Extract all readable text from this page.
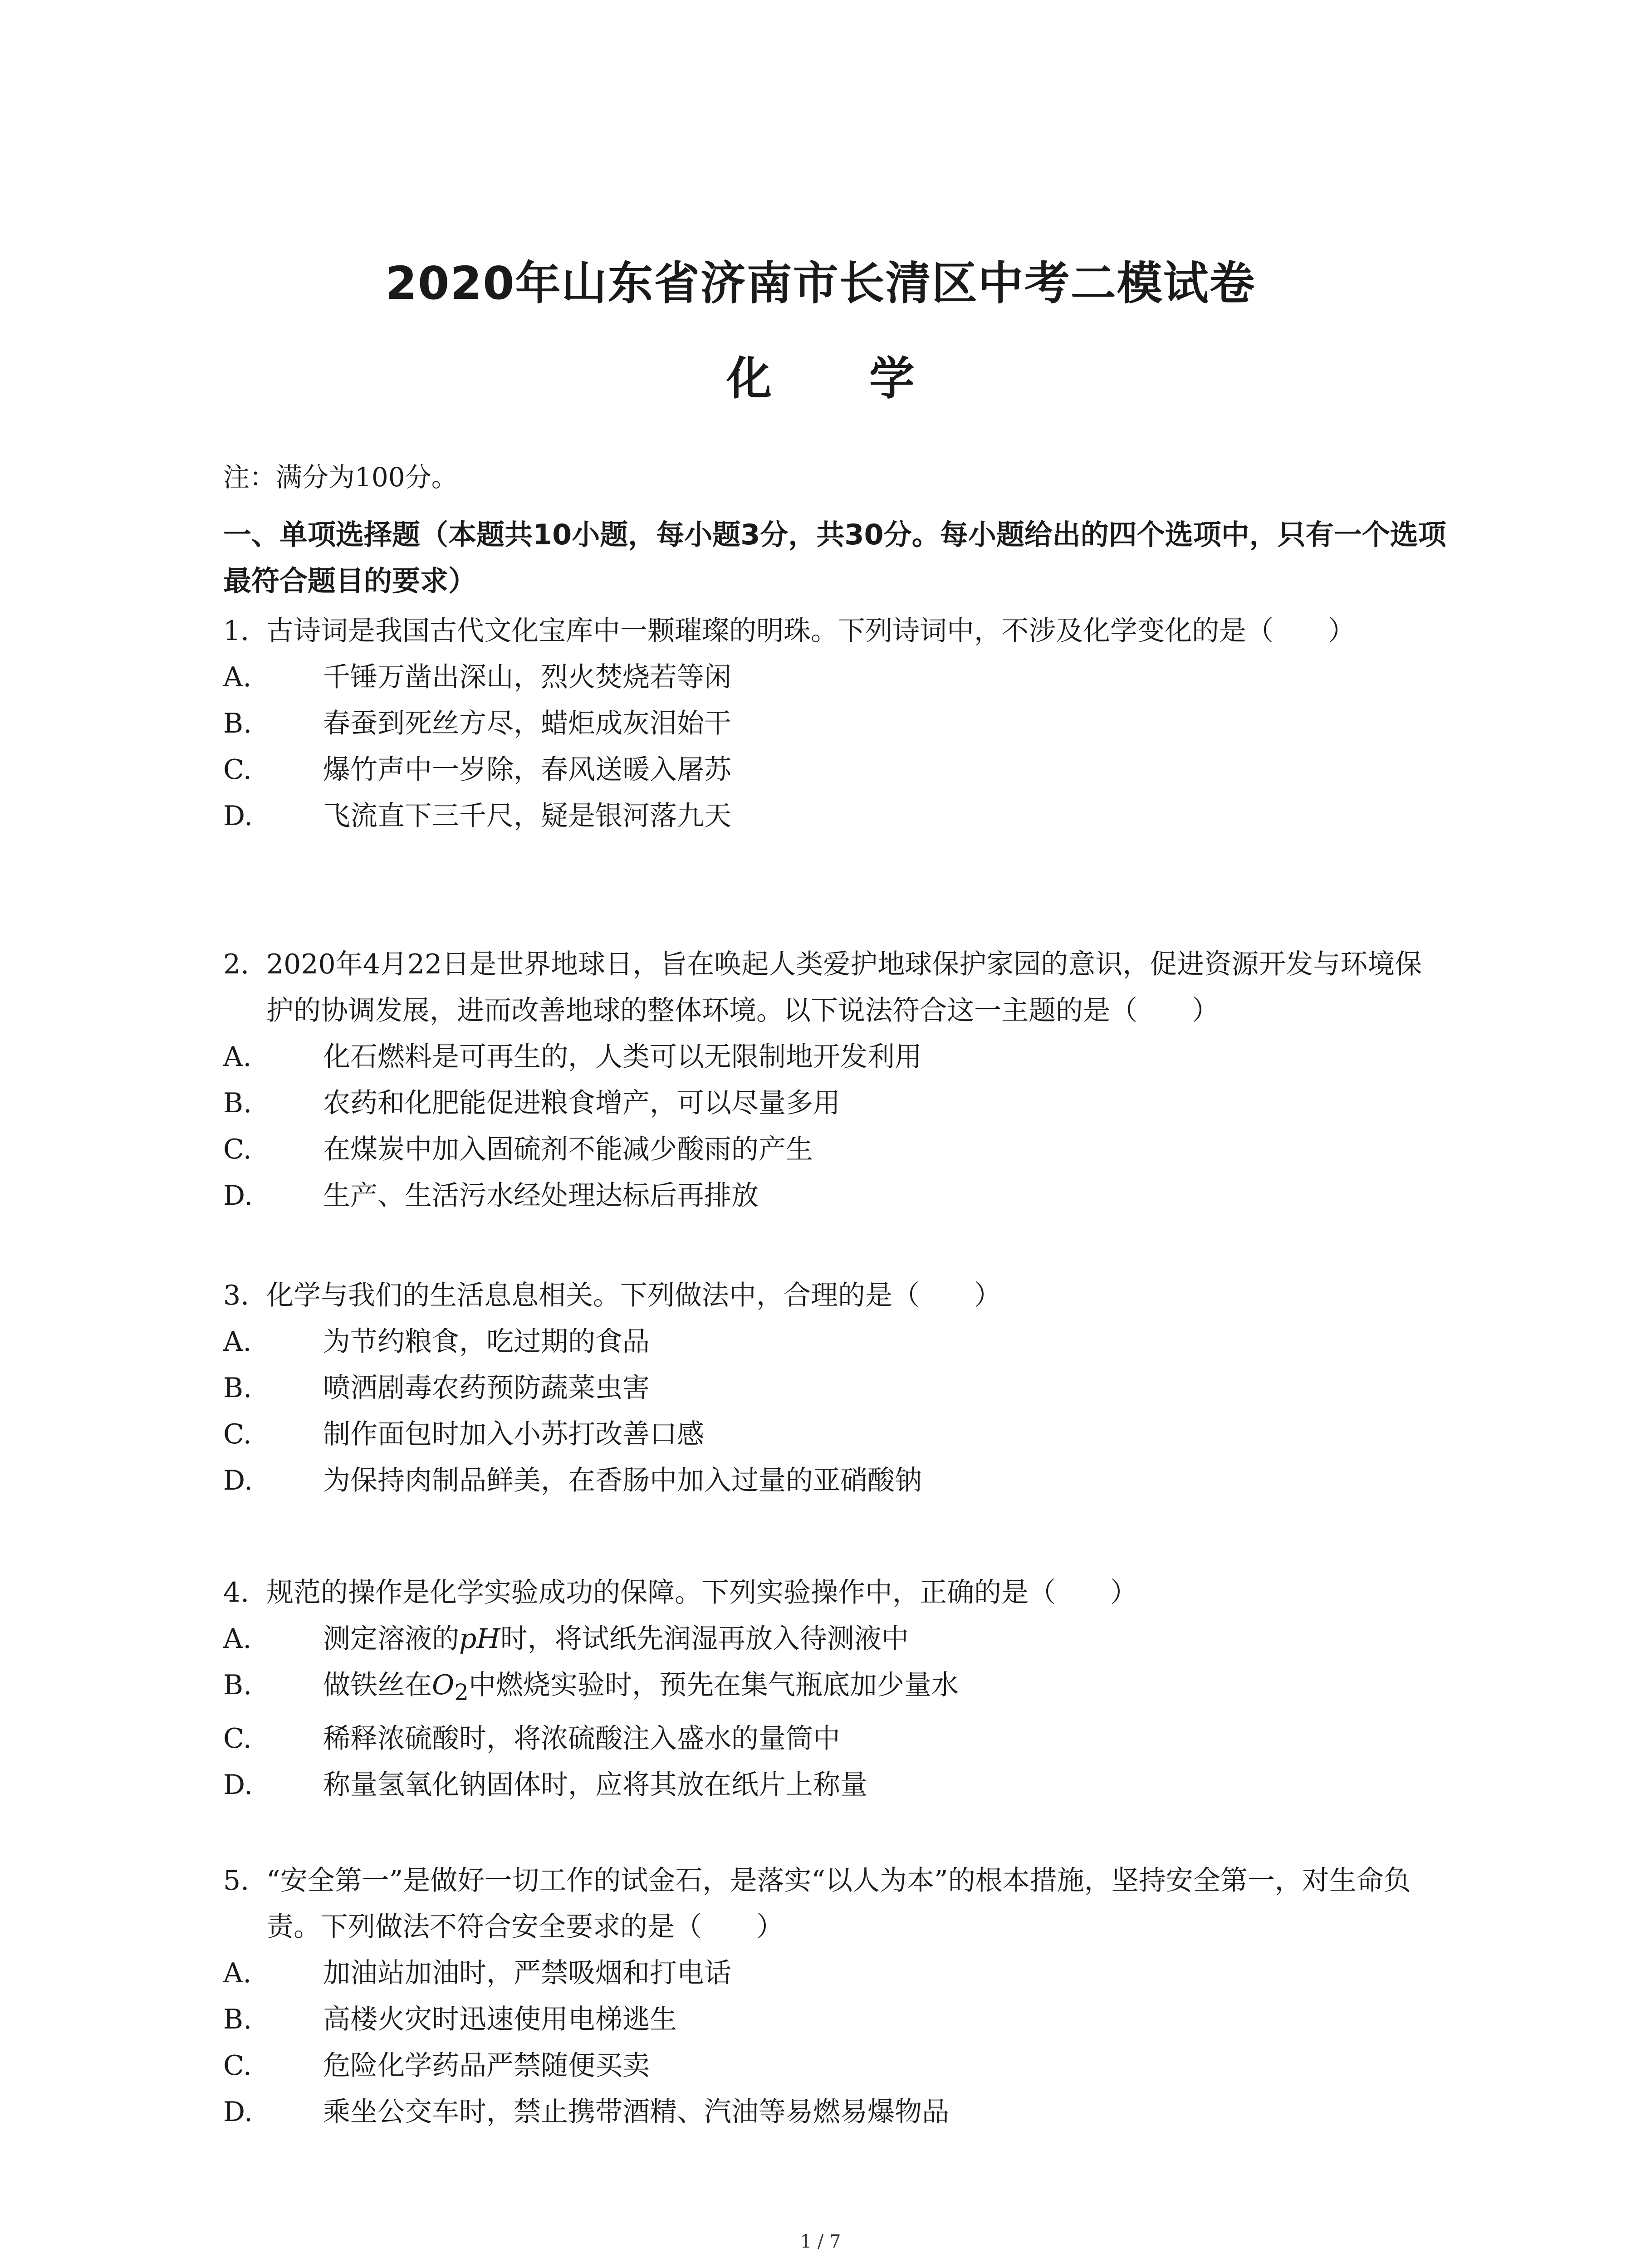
2020年山东省济南市长清区中考二模试卷
化 学
注：满分为100分。
一、单项选择题（本题共10小题，每小题3分，共30分。每小题给出的四个选项中，只有一个选项最符合题目的要求）

1. 古诗词是我国古代文化宝库中一颗璀璨的明珠。下列诗词中，不涉及化学变化的是（　　）

A.	千锤万凿出深山，烈火焚烧若等闲
B.	春蚕到死丝方尽，蜡炬成灰泪始干
C.	爆竹声中一岁除，春风送暖入屠苏
D.	飞流直下三千尺，疑是银河落九天

2. 2020年4月22日是世界地球日，旨在唤起人类爱护地球保护家园的意识，促进资源开发与环境保护的协调发展，进而改善地球的整体环境。以下说法符合这一主题的是（　　）

A.	化石燃料是可再生的，人类可以无限制地开发利用
B.	农药和化肥能促进粮食增产，可以尽量多用
C.	在煤炭中加入固硫剂不能减少酸雨的产生
D.	生产、生活污水经处理达标后再排放

3. 化学与我们的生活息息相关。下列做法中，合理的是（　　）

A.	为节约粮食，吃过期的食品
B.	喷洒剧毒农药预防蔬菜虫害
C.	制作面包时加入小苏打改善口感
D.	为保持肉制品鲜美，在香肠中加入过量的亚硝酸钠

4. 规范的操作是化学实验成功的保障。下列实验操作中，正确的是（　　）

A.	测定溶液的pH时，将试纸先润湿再放入待测液中
B.	做铁丝在$O_2$中燃烧实验时，预先在集气瓶底加少量水
C.	稀释浓硫酸时，将浓硫酸注入盛水的量筒中
D.	称量氢氧化钠固体时，应将其放在纸片上称量

5. “安全第一”是做好一切工作的试金石，是落实“以人为本”的根本措施，坚持安全第一，对生命负责。下列做法不符合安全要求的是（　　）

A.	加油站加油时，严禁吸烟和打电话
B.	高楼火灾时迅速使用电梯逃生
C.	危险化学药品严禁随便买卖
D.	乘坐公交车时，禁止携带酒精、汽油等易燃易爆物品
1 / 7
